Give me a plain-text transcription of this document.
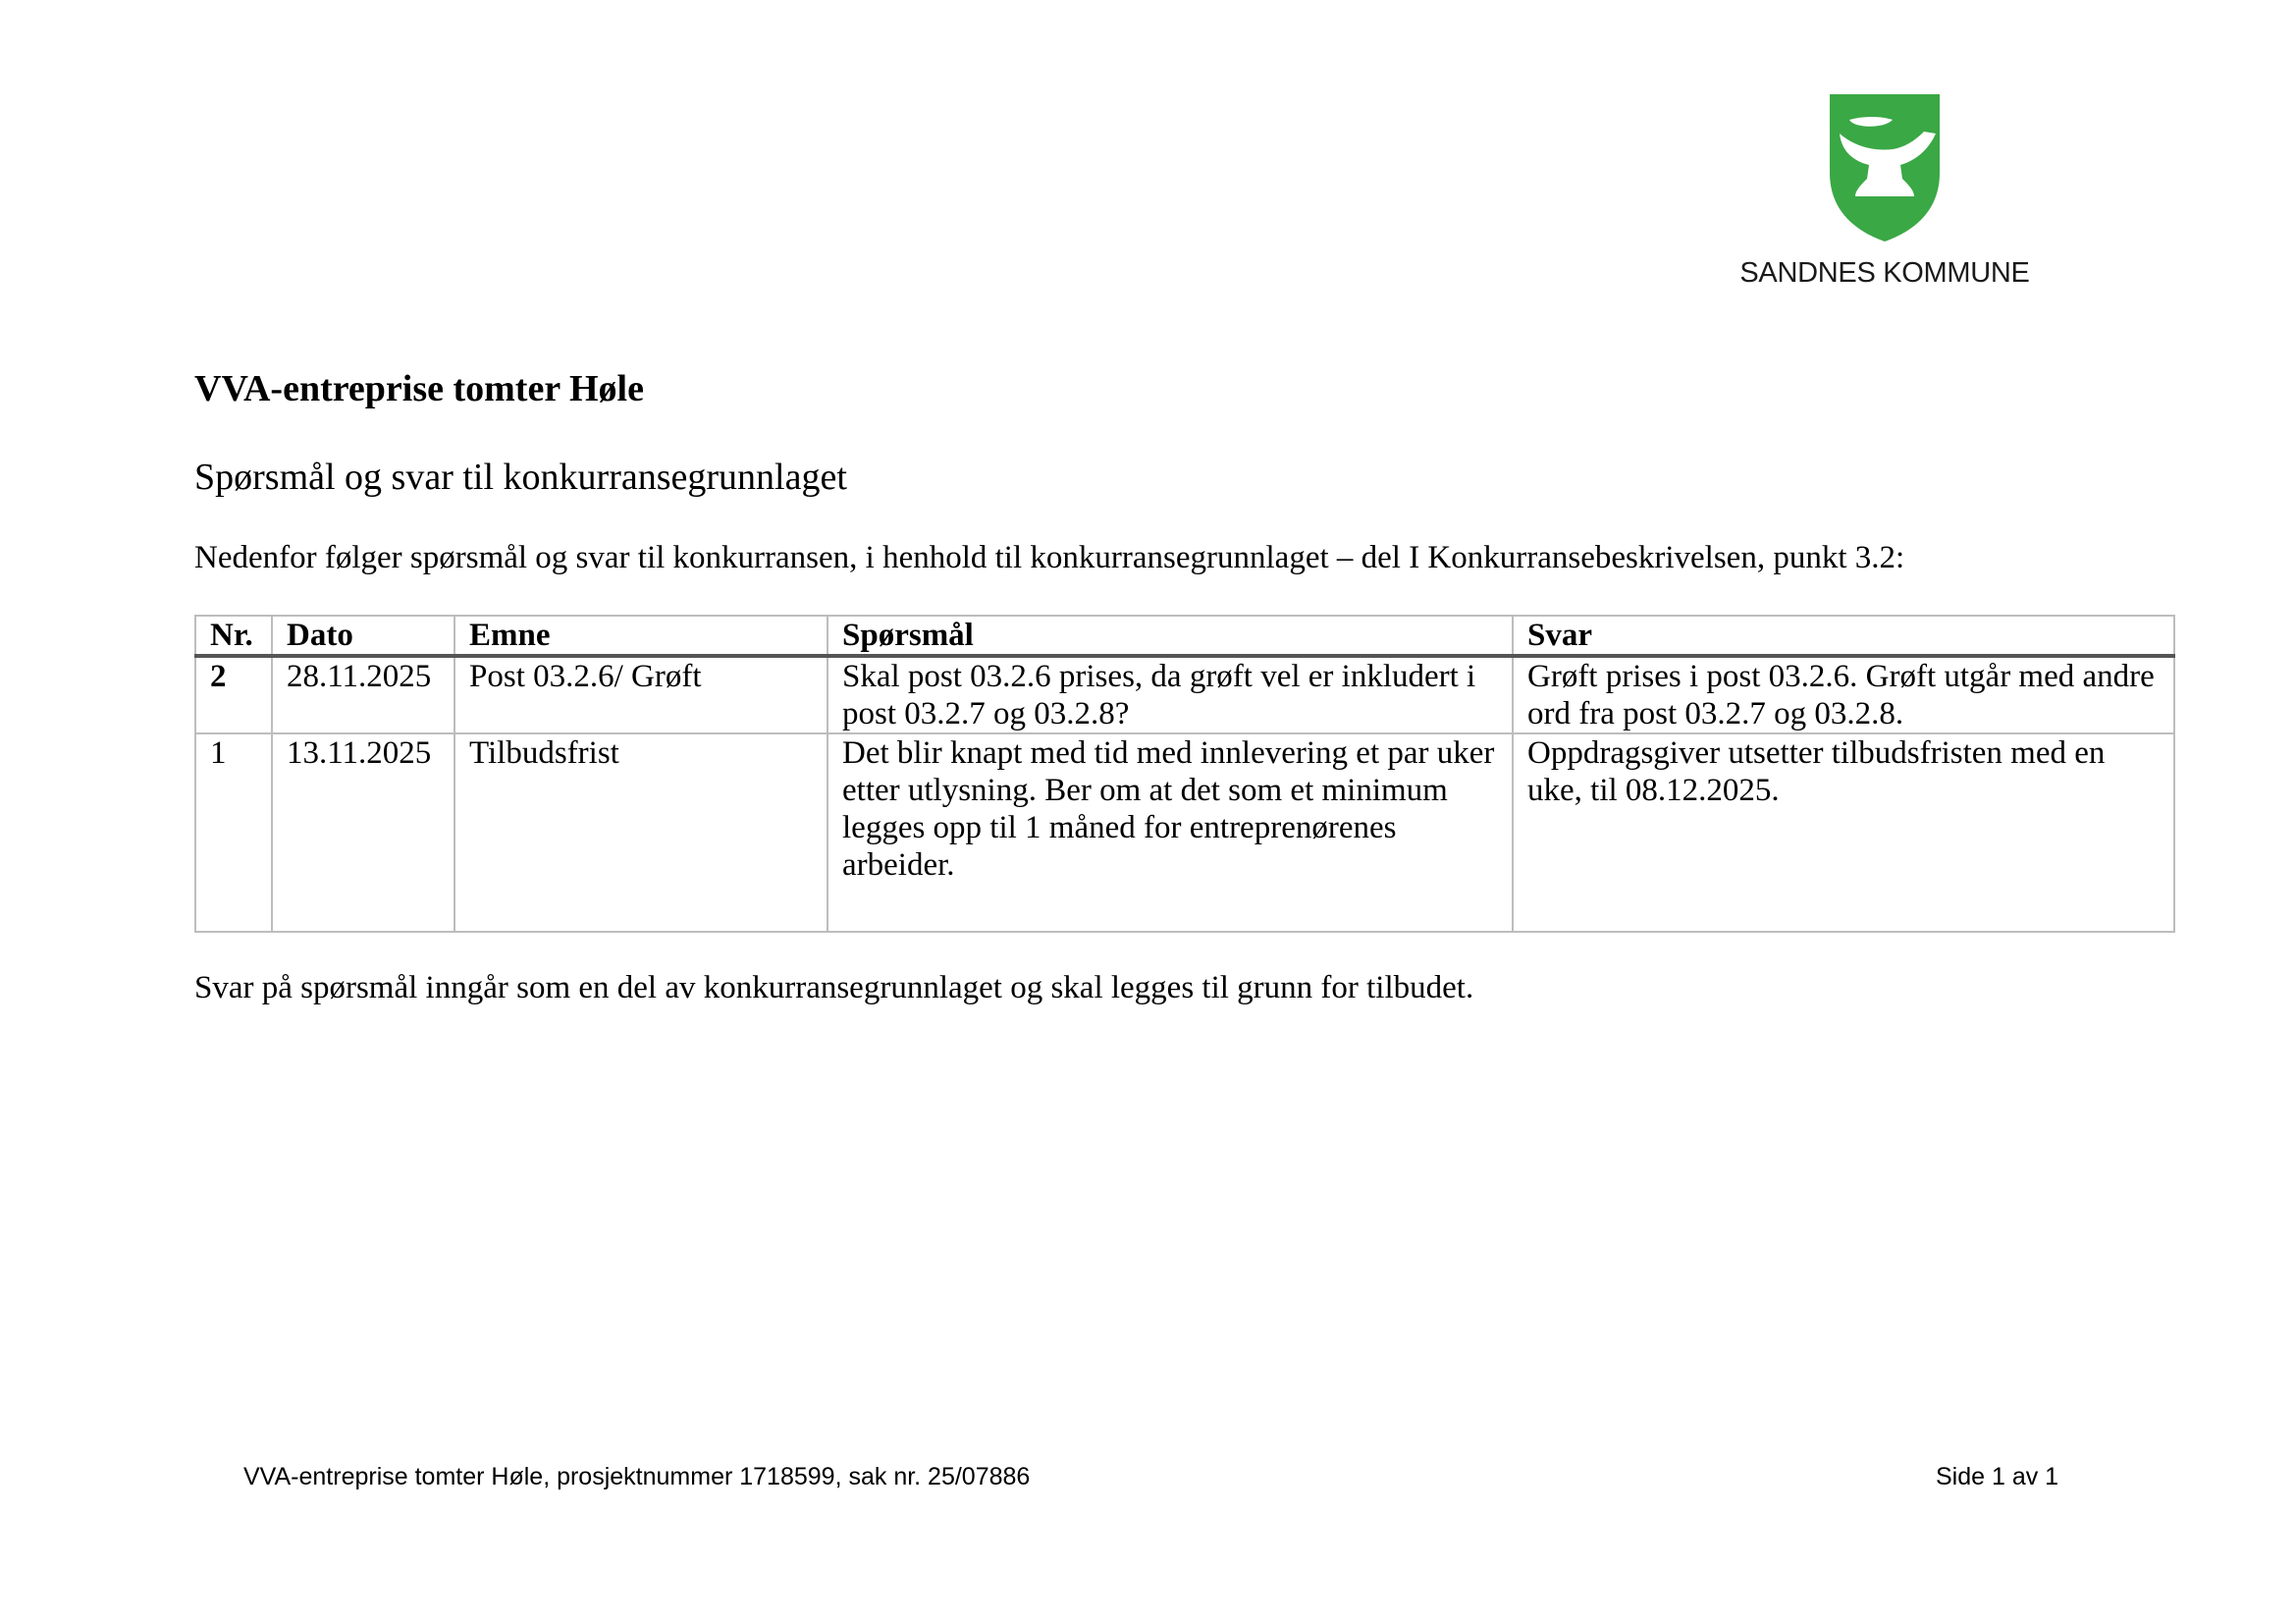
SANDNES KOMMUNE
VVA-entreprise tomter Høle
Spørsmål og svar til konkurransegrunnlaget

Nedenfor følger spørsmål og svar til konkurransen, i henhold til konkurransegrunnlaget – del I Konkurransebeskrivelsen, punkt 3.2:

Nr.	Dato	Emne	Spørsmål	Svar
2	28.11.2025	Post 03.2.6/ Grøft	Skal post 03.2.6 prises, da grøft vel er inkludert i post 03.2.7 og 03.2.8?	Grøft prises i post 03.2.6. Grøft utgår med andre ord fra post 03.2.7 og 03.2.8.
1	13.11.2025	Tilbudsfrist	Det blir knapt med tid med innlevering et par uker etter utlysning. Ber om at det som et minimum legges opp til 1 måned for entreprenørenes arbeider.	Oppdragsgiver utsetter tilbudsfristen med en uke, til 08.12.2025.

Svar på spørsmål inngår som en del av konkurransegrunnlaget og skal legges til grunn for tilbudet.

VVA-entreprise tomter Høle, prosjektnummer 1718599, sak nr. 25/07886	Side 1 av 1
